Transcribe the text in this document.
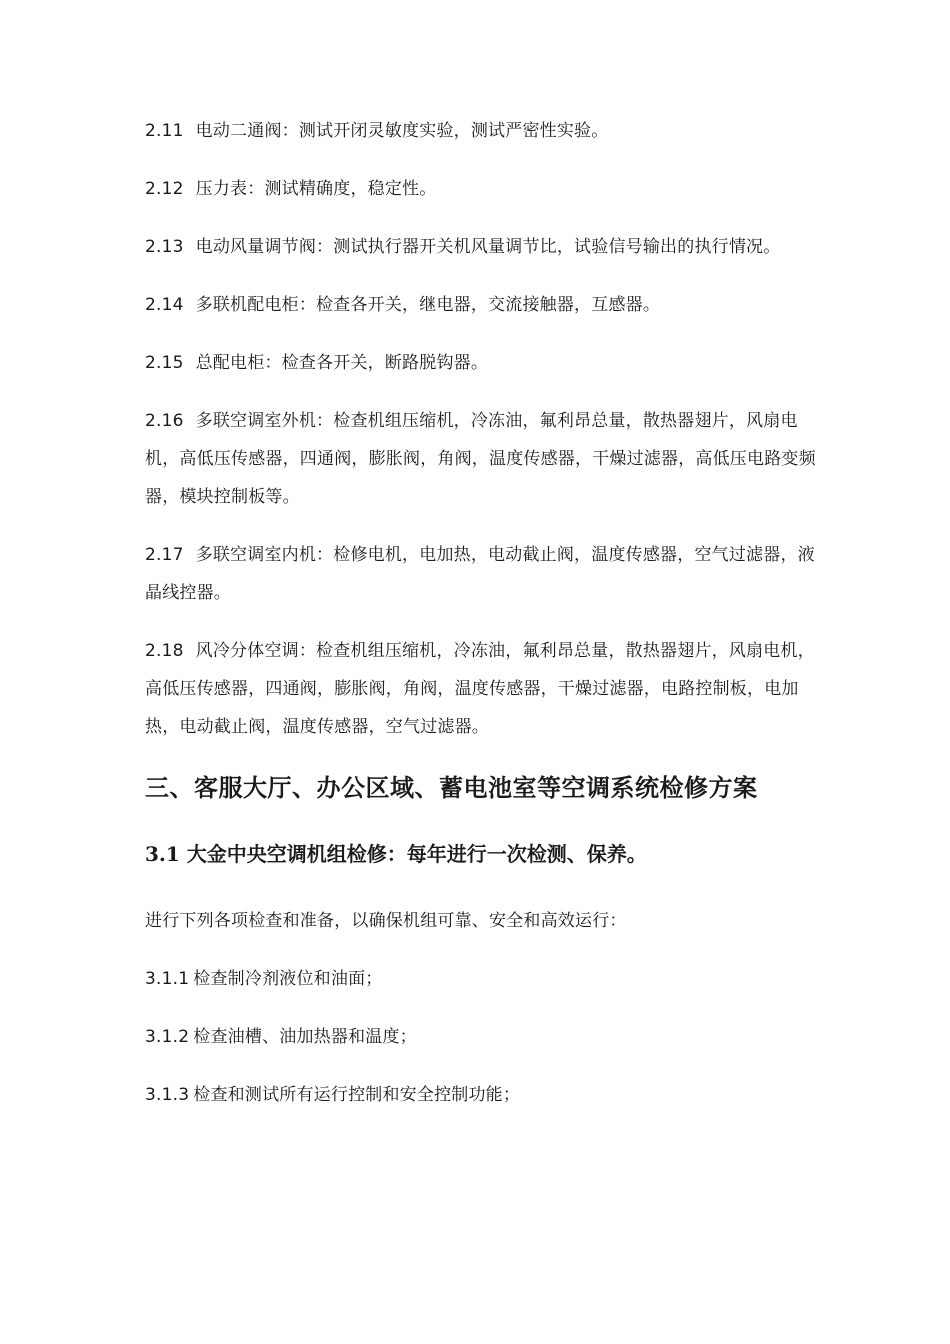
2.11 电动二通阀：测试开闭灵敏度实验，测试严密性实验。

2.12 压力表：测试精确度，稳定性。

2.13 电动风量调节阀：测试执行器开关机风量调节比，试验信号输出的执行情况。

2.14 多联机配电柜：检查各开关，继电器，交流接触器，互感器。

2.15 总配电柜：检查各开关，断路脱钩器。

2.16 多联空调室外机：检查机组压缩机，冷冻油，氟利昂总量，散热器翅片，风扇电机，高低压传感器，四通阀，膨胀阀，角阀，温度传感器，干燥过滤器，高低压电路变频器，模块控制板等。

2.17 多联空调室内机：检修电机，电加热，电动截止阀，温度传感器，空气过滤器，液晶线控器。

2.18 风冷分体空调：检查机组压缩机，冷冻油，氟利昂总量，散热器翅片，风扇电机，高低压传感器，四通阀，膨胀阀，角阀，温度传感器，干燥过滤器，电路控制板，电加热，电动截止阀，温度传感器，空气过滤器。

三、客服大厅、办公区域、蓄电池室等空调系统检修方案
3.1 大金中央空调机组检修：每年进行一次检测、保养。

进行下列各项检查和准备，以确保机组可靠、安全和高效运行：

3.1.1 检查制冷剂液位和油面；

3.1.2 检查油槽、油加热器和温度；

3.1.3 检查和测试所有运行控制和安全控制功能；
